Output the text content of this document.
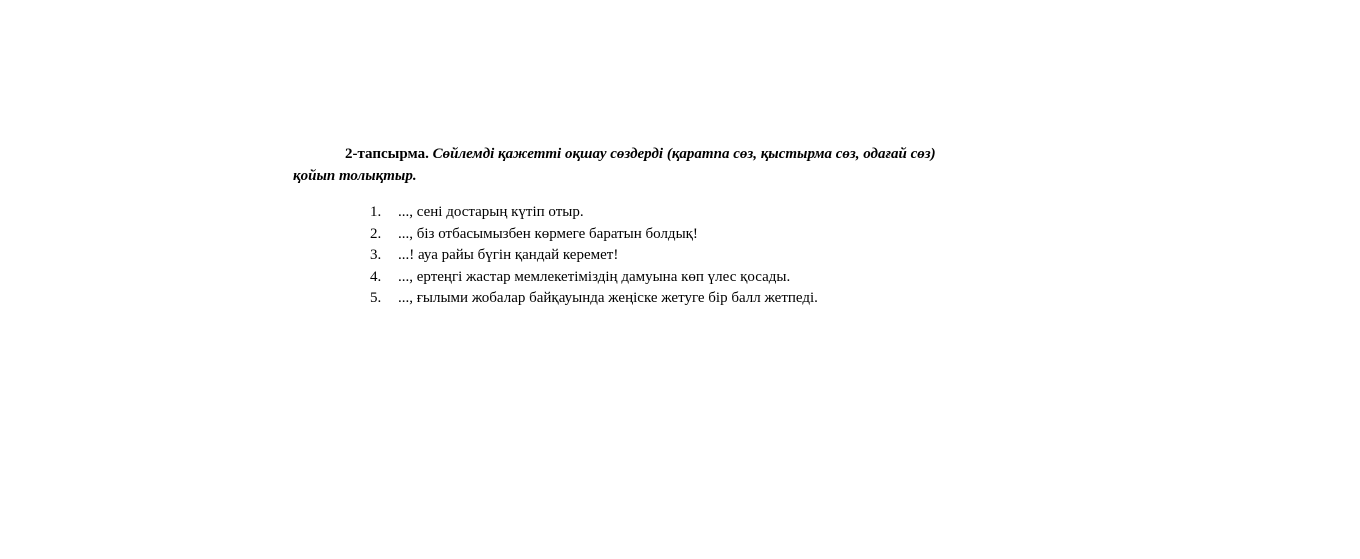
2-тапсырма. Сөйлемді қажетті оқшау сөздерді (қаратпа сөз, қыстырма сөз, одағай сөз)
қойып толықтыр.
1.	..., сені достарың күтіп отыр.
2.	..., біз отбасымызбен көрмеге баратын болдық!
3.	...! ауа райы бүгін қандай керемет!
4.	..., ертеңгі жастар мемлекетіміздің дамуына көп үлес қосады.
5.	..., ғылыми жобалар байқауында жеңіске жетуге бір балл жетпеді.
